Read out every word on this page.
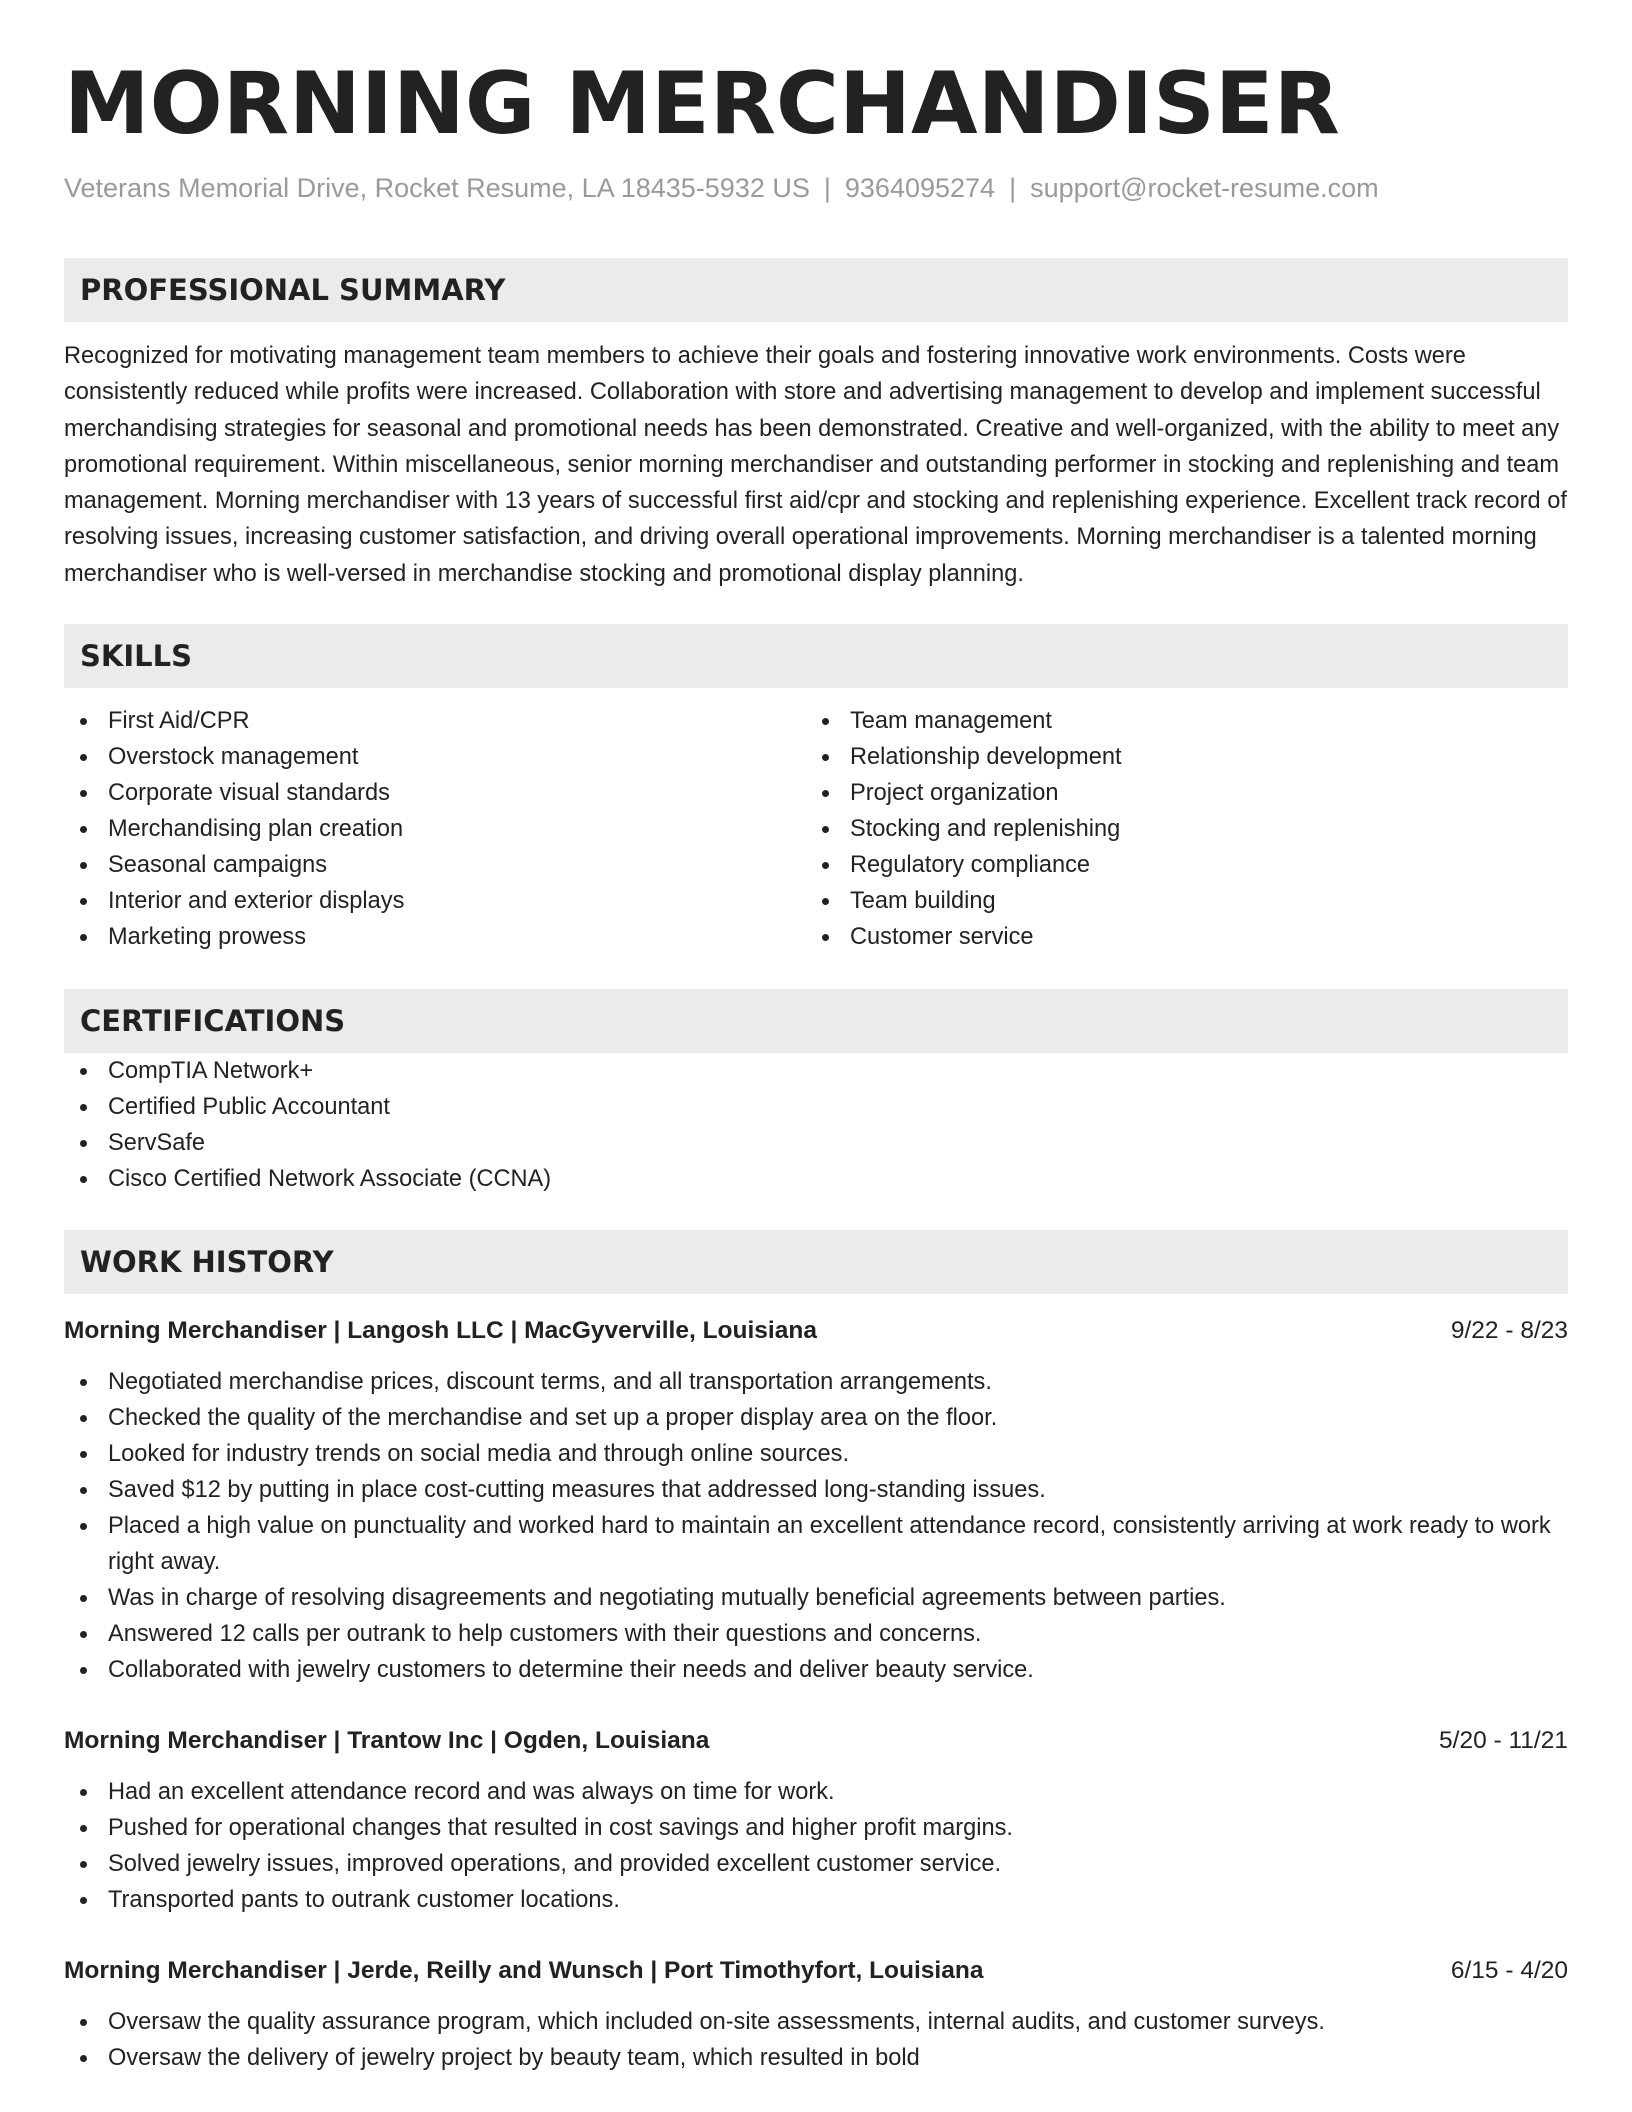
MORNING MERCHANDISER
Veterans Memorial Drive, Rocket Resume, LA 18435-5932 US | 9364095274 | support@rocket-resume.com
PROFESSIONAL SUMMARY
Recognized for motivating management team members to achieve their goals and fostering innovative work environments. Costs were consistently reduced while profits were increased. Collaboration with store and advertising management to develop and implement successful merchandising strategies for seasonal and promotional needs has been demonstrated. Creative and well-organized, with the ability to meet any promotional requirement. Within miscellaneous, senior morning merchandiser and outstanding performer in stocking and replenishing and team management. Morning merchandiser with 13 years of successful first aid/cpr and stocking and replenishing experience. Excellent track record of resolving issues, increasing customer satisfaction, and driving overall operational improvements. Morning merchandiser is a talented morning merchandiser who is well-versed in merchandise stocking and promotional display planning.
SKILLS
First Aid/CPR
Overstock management
Corporate visual standards
Merchandising plan creation
Seasonal campaigns
Interior and exterior displays
Marketing prowess
Team management
Relationship development
Project organization
Stocking and replenishing
Regulatory compliance
Team building
Customer service
CERTIFICATIONS
CompTIA Network+
Certified Public Accountant
ServSafe
Cisco Certified Network Associate (CCNA)
WORK HISTORY
Morning Merchandiser | Langosh LLC | MacGyverville, Louisiana	9/22 - 8/23
Negotiated merchandise prices, discount terms, and all transportation arrangements.
Checked the quality of the merchandise and set up a proper display area on the floor.
Looked for industry trends on social media and through online sources.
Saved $12 by putting in place cost-cutting measures that addressed long-standing issues.
Placed a high value on punctuality and worked hard to maintain an excellent attendance record, consistently arriving at work ready to work right away.
Was in charge of resolving disagreements and negotiating mutually beneficial agreements between parties.
Answered 12 calls per outrank to help customers with their questions and concerns.
Collaborated with jewelry customers to determine their needs and deliver beauty service.
Morning Merchandiser | Trantow Inc | Ogden, Louisiana	5/20 - 11/21
Had an excellent attendance record and was always on time for work.
Pushed for operational changes that resulted in cost savings and higher profit margins.
Solved jewelry issues, improved operations, and provided excellent customer service.
Transported pants to outrank customer locations.
Morning Merchandiser | Jerde, Reilly and Wunsch | Port Timothyfort, Louisiana	6/15 - 4/20
Oversaw the quality assurance program, which included on-site assessments, internal audits, and customer surveys.
Oversaw the delivery of jewelry project by beauty team, which resulted in bold
